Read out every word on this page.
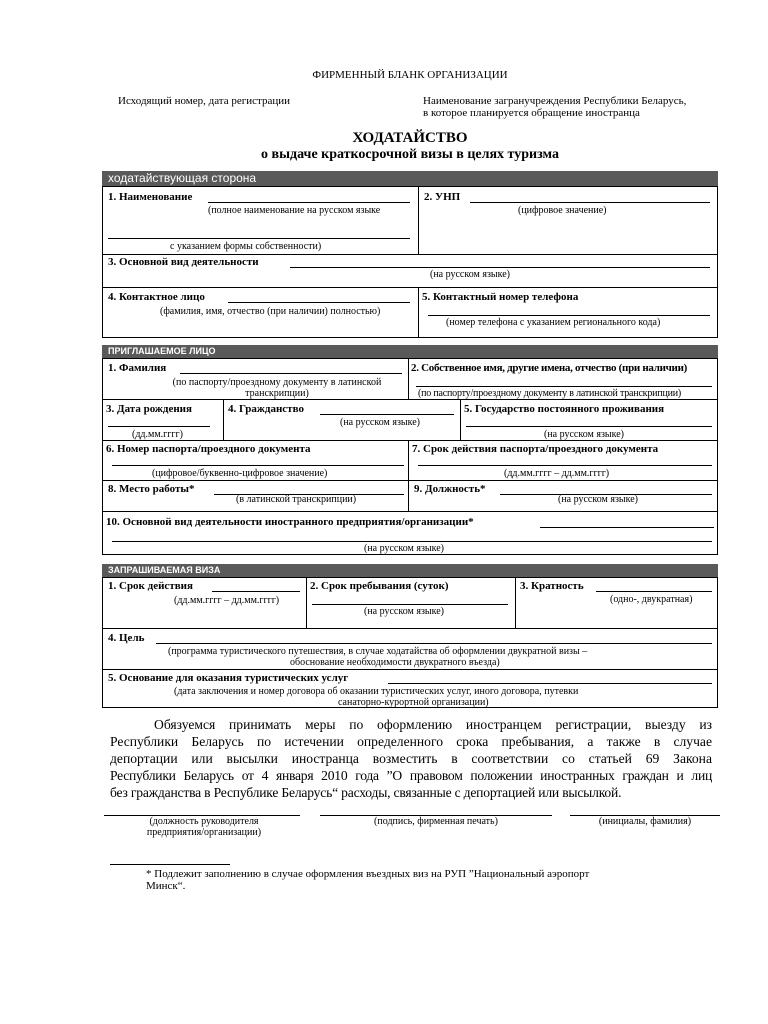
ФИРМЕННЫЙ БЛАНК ОРГАНИЗАЦИИ
Исходящий номер, дата регистрации	Наименование загранучреждения Республики Беларусь,
в которое планируется обращение иностранца
ХОДАТАЙСТВО
о выдаче краткосрочной визы в целях туризма
ходатайствующая сторона
1. Наименование
(полное наименование на русском языке
с указанием формы собственности)
2. УНП
(цифровое значение)
3. Основной вид деятельности
(на русском языке)
4. Контактное лицо
(фамилия, имя, отчество (при наличии) полностью)
5. Контактный номер телефона
(номер телефона с указанием регионального кода)
ПРИГЛАШАЕМОЕ ЛИЦО
1. Фамилия
(по паспорту/проездному документу в латинской
транскрипции)
2. Собственное имя, другие имена, отчество (при наличии)
(по паспорту/проездному документу в латинской транскрипции)
3. Дата рождения
(дд.мм.гггг)
4. Гражданство
(на русском языке)
5. Государство постоянного проживания
(на русском языке)
6. Номер паспорта/проездного документа
(цифровое/буквенно-цифровое значение)
7. Срок действия паспорта/проездного документа
(дд.мм.гггг – дд.мм.гггг)
8. Место работы*
(в латинской транскрипции)
9. Должность*
(на русском языке)
10. Основной вид деятельности иностранного предприятия/организации*
(на русском языке)
ЗАПРАШИВАЕМАЯ ВИЗА
1. Срок действия
(дд.мм.гггг – дд.мм.гггг)
2. Срок пребывания (суток)
(на русском языке)
3. Кратность
(одно-, двукратная)
4. Цель
(программа туристического путешествия, в случае ходатайства об оформлении двукратной визы –
обоснование необходимости двукратного въезда)
5. Основание для оказания туристических услуг
(дата заключения и номер договора об оказании туристических услуг, иного договора, путевки
санаторно-курортной организации)
Обязуемся принимать меры по оформлению иностранцем регистрации, выезду из
Республики Беларусь по истечении определенного срока пребывания, а также в случае
депортации или высылки иностранца возместить в соответствии со статьей 69 Закона
Республики Беларусь от 4 января 2010 года ”О правовом положении иностранных граждан и лиц
без гражданства в Республике Беларусь“ расходы, связанные с депортацией или высылкой.
(должность руководителя
предприятия/организации)
(подпись, фирменная печать)	(инициалы, фамилия)
* Подлежит заполнению в случае оформления въездных виз на РУП ”Национальный аэропорт
Минск“.
